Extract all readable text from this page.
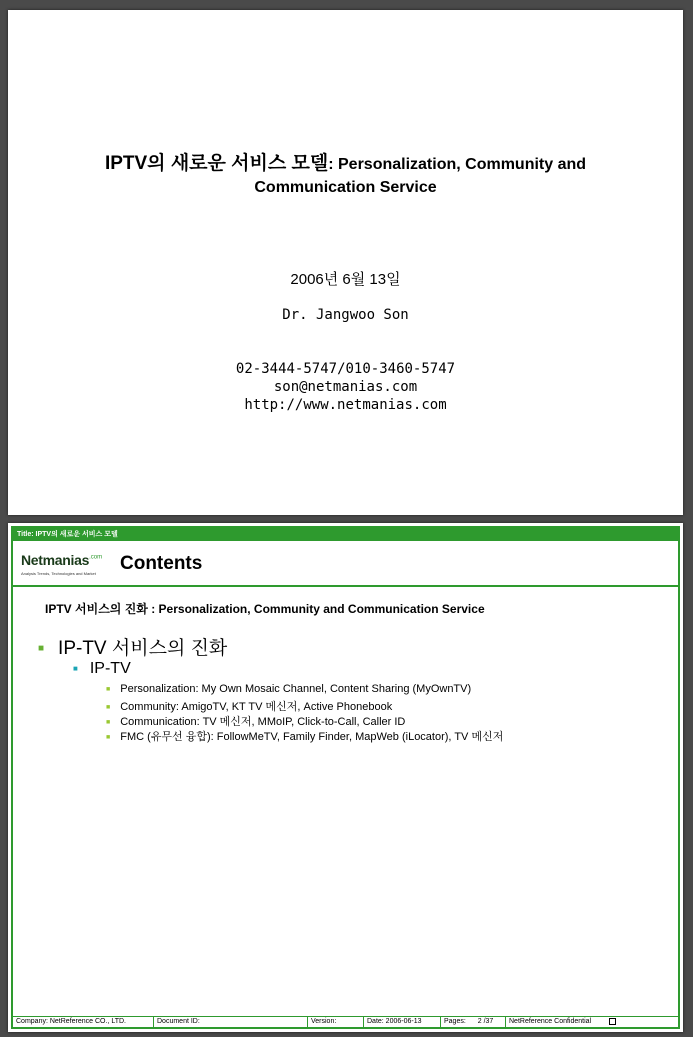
IPTV의 새로운 서비스 모델: Personalization, Community and
Communication Service
2006년 6월 13일
Dr. Jangwoo Son
02-3444-5747/010-3460-5747
son@netmanias.com
http://www.netmanias.com
Title: IPTV의 새로운 서비스 모델
Netmanias$^{.com}$
Analysis Trends, Technologies and Market	Contents
IPTV 서비스의 진화 : Personalization, Community and Communication Service
■ IP-TV 서비스의 진화
■ IP-TV
■ Personalization: My Own Mosaic Channel, Content Sharing (MyOwnTV)
■ Community: AmigoTV, KT TV 메신저, Active Phonebook
■ Communication: TV 메신저, MMoIP, Click-to-Call, Caller ID
■ FMC (유무선 융합): FollowMeTV, Family Finder, MapWeb (iLocator), TV 메신저
Company: NetReference CO., LTD.	Document ID:	Version:	Date: 2006-06-13	Pages: 2 /37	NetReference Confidential
